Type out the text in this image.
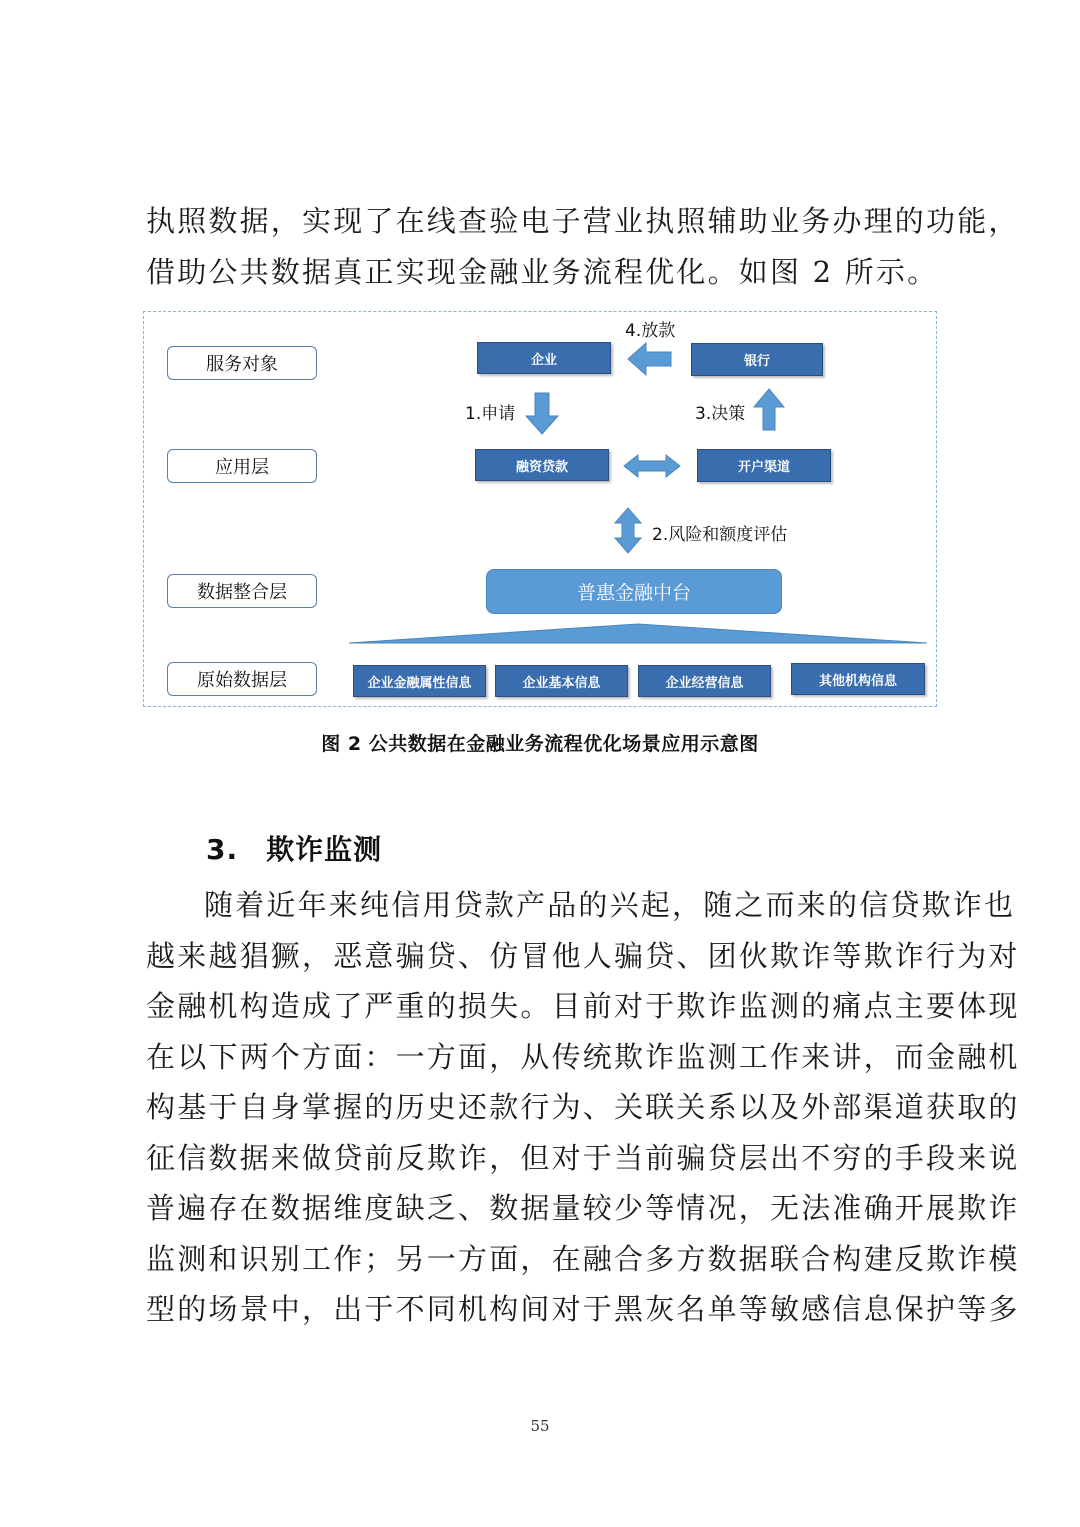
执照数据，实现了在线查验电子营业执照辅助业务办理的功能，
借助公共数据真正实现金融业务流程优化。如图 2 所示。

服务对象
应用层
数据整合层
原始数据层
企业	银行
融资贷款	开户渠道
普惠金融中台
企业金融属性信息	企业基本信息	企业经营信息	其他机构信息
4.放款
1.申请	3.决策
2.风险和额度评估
图 2 公共数据在金融业务流程优化场景应用示意图
3. 欺诈监测

随着近年来纯信用贷款产品的兴起，随之而来的信贷欺诈也
越来越猖獗，恶意骗贷、仿冒他人骗贷、团伙欺诈等欺诈行为对
金融机构造成了严重的损失。目前对于欺诈监测的痛点主要体现
在以下两个方面：一方面，从传统欺诈监测工作来讲，而金融机
构基于自身掌握的历史还款行为、关联关系以及外部渠道获取的
征信数据来做贷前反欺诈，但对于当前骗贷层出不穷的手段来说
普遍存在数据维度缺乏、数据量较少等情况，无法准确开展欺诈
监测和识别工作；另一方面，在融合多方数据联合构建反欺诈模
型的场景中，出于不同机构间对于黑灰名单等敏感信息保护等多

55
